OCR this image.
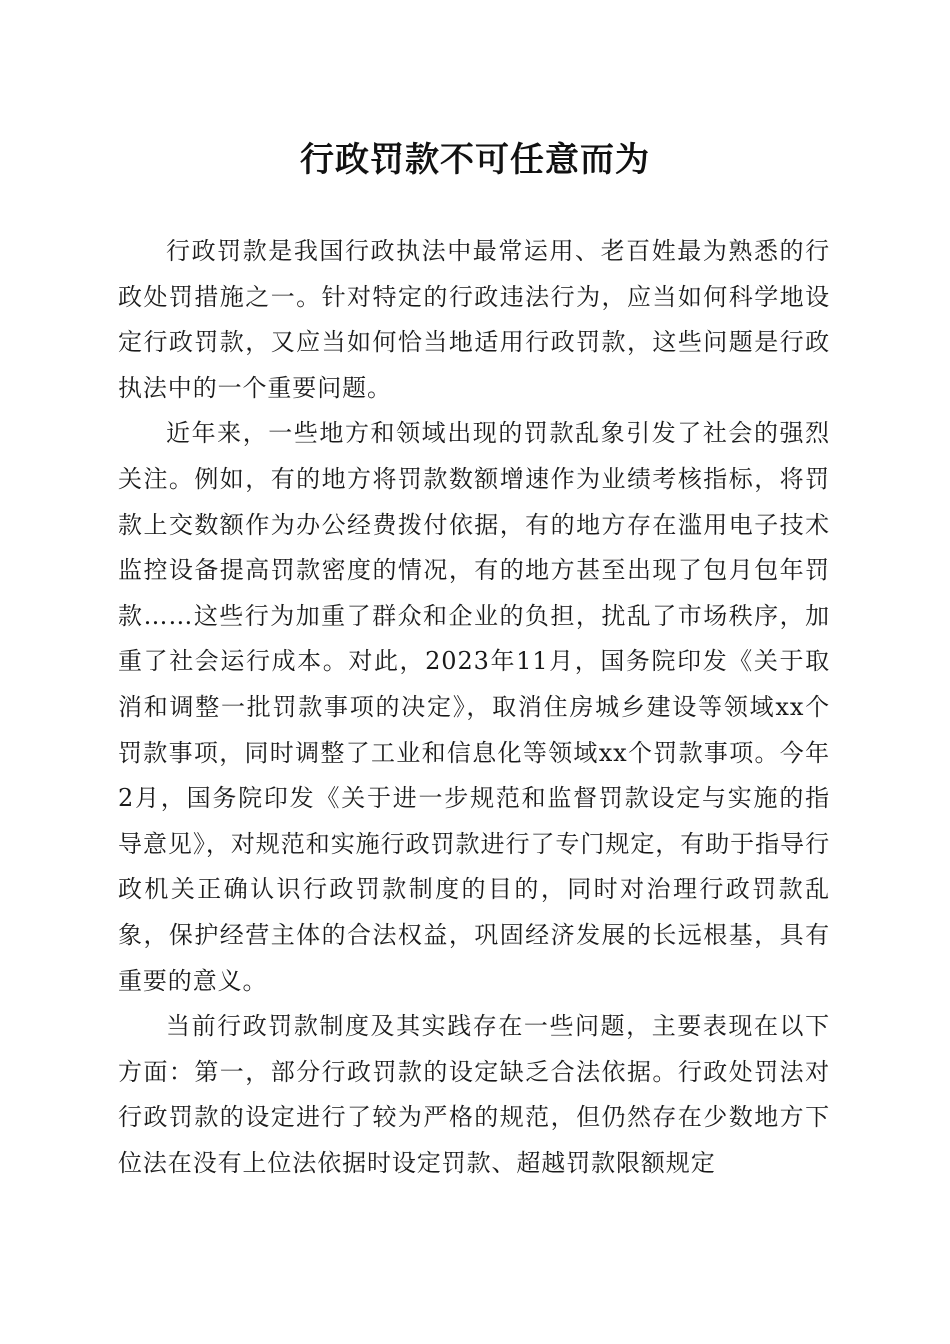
行政罚款不可任意而为

行政罚款是我国行政执法中最常运用、老百姓最为熟悉的行政处罚措施之一。针对特定的行政违法行为，应当如何科学地设定行政罚款，又应当如何恰当地适用行政罚款，这些问题是行政执法中的一个重要问题。

近年来，一些地方和领域出现的罚款乱象引发了社会的强烈关注。例如，有的地方将罚款数额增速作为业绩考核指标，将罚款上交数额作为办公经费拨付依据，有的地方存在滥用电子技术监控设备提高罚款密度的情况，有的地方甚至出现了包月包年罚款……这些行为加重了群众和企业的负担，扰乱了市场秩序，加重了社会运行成本。对此，2023年11月，国务院印发《关于取消和调整一批罚款事项的决定》，取消住房城乡建设等领域xx个罚款事项，同时调整了工业和信息化等领域xx个罚款事项。今年2月，国务院印发《关于进一步规范和监督罚款设定与实施的指导意见》，对规范和实施行政罚款进行了专门规定，有助于指导行政机关正确认识行政罚款制度的目的，同时对治理行政罚款乱象，保护经营主体的合法权益，巩固经济发展的长远根基，具有重要的意义。

当前行政罚款制度及其实践存在一些问题，主要表现在以下方面：第一，部分行政罚款的设定缺乏合法依据。行政处罚法对行政罚款的设定进行了较为严格的规范，但仍然存在少数地方下位法在没有上位法依据时设定罚款、超越罚款限额规定
